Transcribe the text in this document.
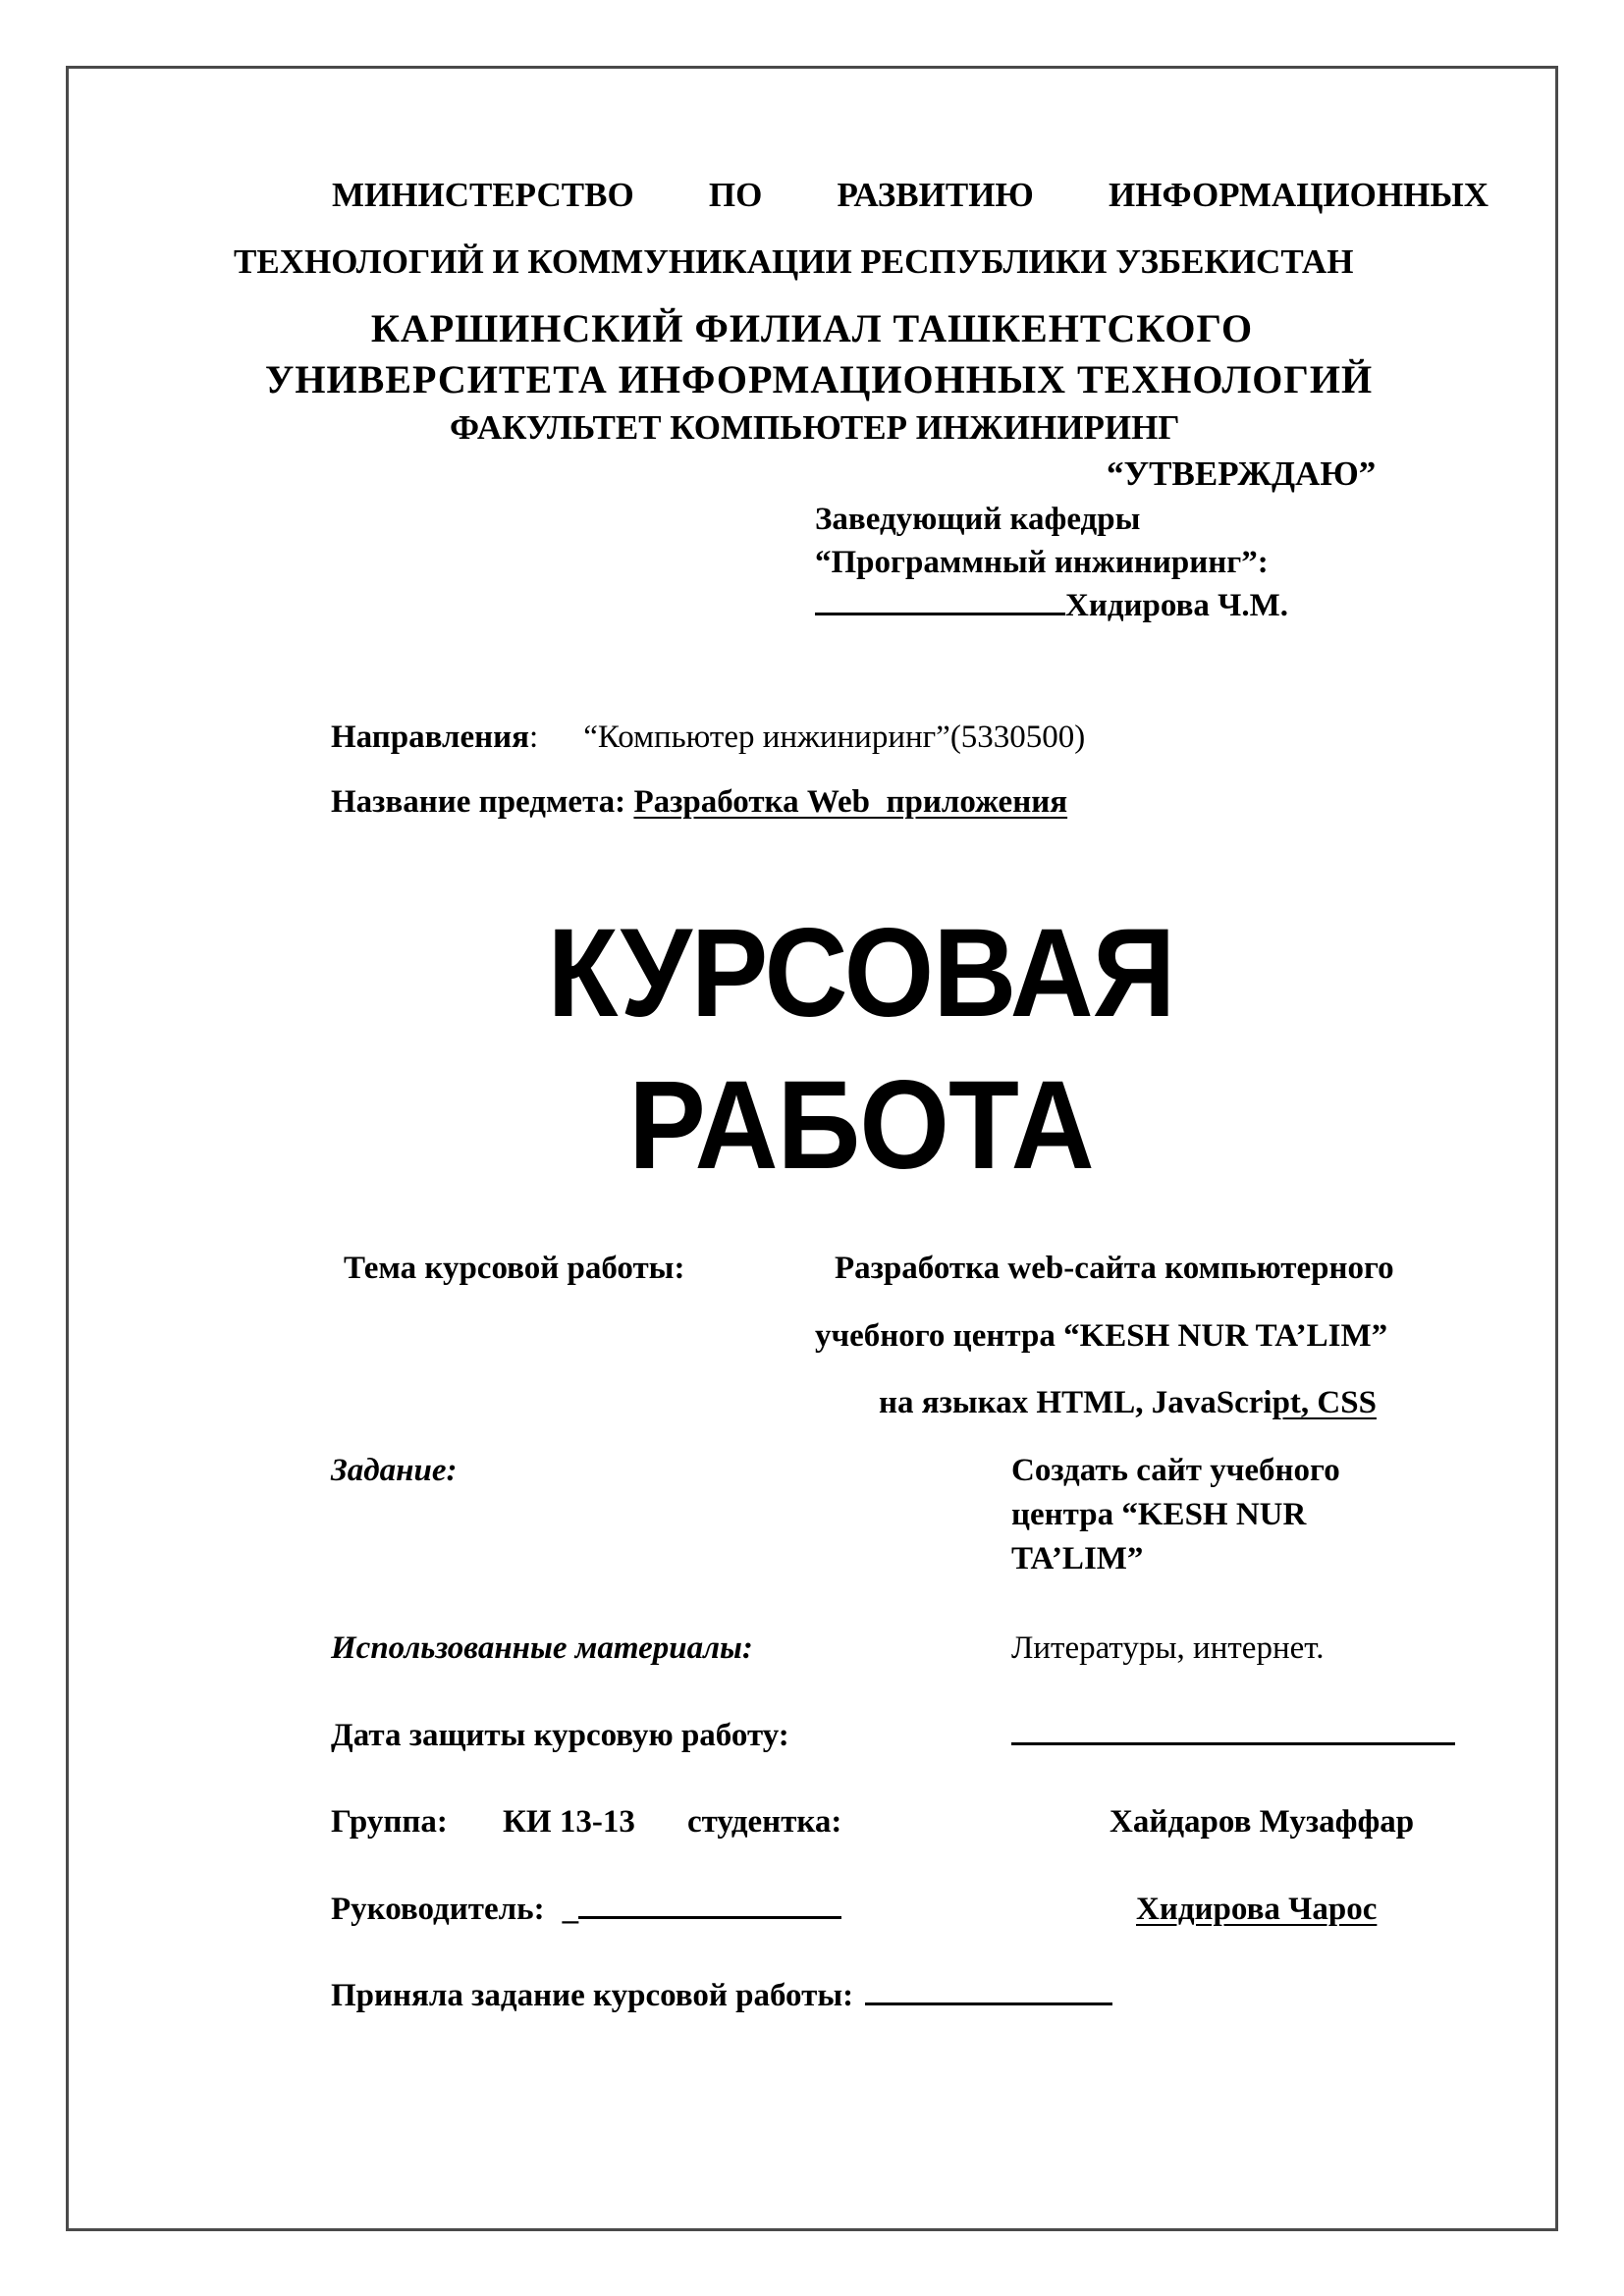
МИНИСТЕРСТВО ПО РАЗВИТИЮ ИНФОРМАЦИОННЫХ
ТЕХНОЛОГИЙ И КОММУНИКАЦИИ РЕСПУБЛИКИ УЗБЕКИСТАН
КАРШИНСКИЙ ФИЛИАЛ ТАШКЕНТСКОГО
УНИВЕРСИТЕТА ИНФОРМАЦИОННЫХ ТЕХНОЛОГИЙ
ФАКУЛЬТЕТ КОМПЬЮТЕР ИНЖИНИРИНГ
“УТВЕРЖДАЮ”
Заведующий кафедры
“Программный инжиниринг”:
Хидирова Ч.М.
Направления: “Компьютер инжиниринг”(5330500)
Название предмета: Разработка Web  приложения
КУРСОВАЯ
РАБОТА
Тема курсовой работы:	Разработка web-сайта компьютерного
учебного центра “KESH NUR TA’LIM”
на языках HTML, JavaScript, CSS
Задание:	Создать сайт учебного
центра “KESH NUR
TA’LIM”
Использованные материалы:	Литературы, интернет.
Дата защиты курсовую работу:
Группа: КИ 13-13 студентка:	Хайдаров Музаффар
Руководитель: _	Хидирова Чарос
Приняла задание курсовой работы:
